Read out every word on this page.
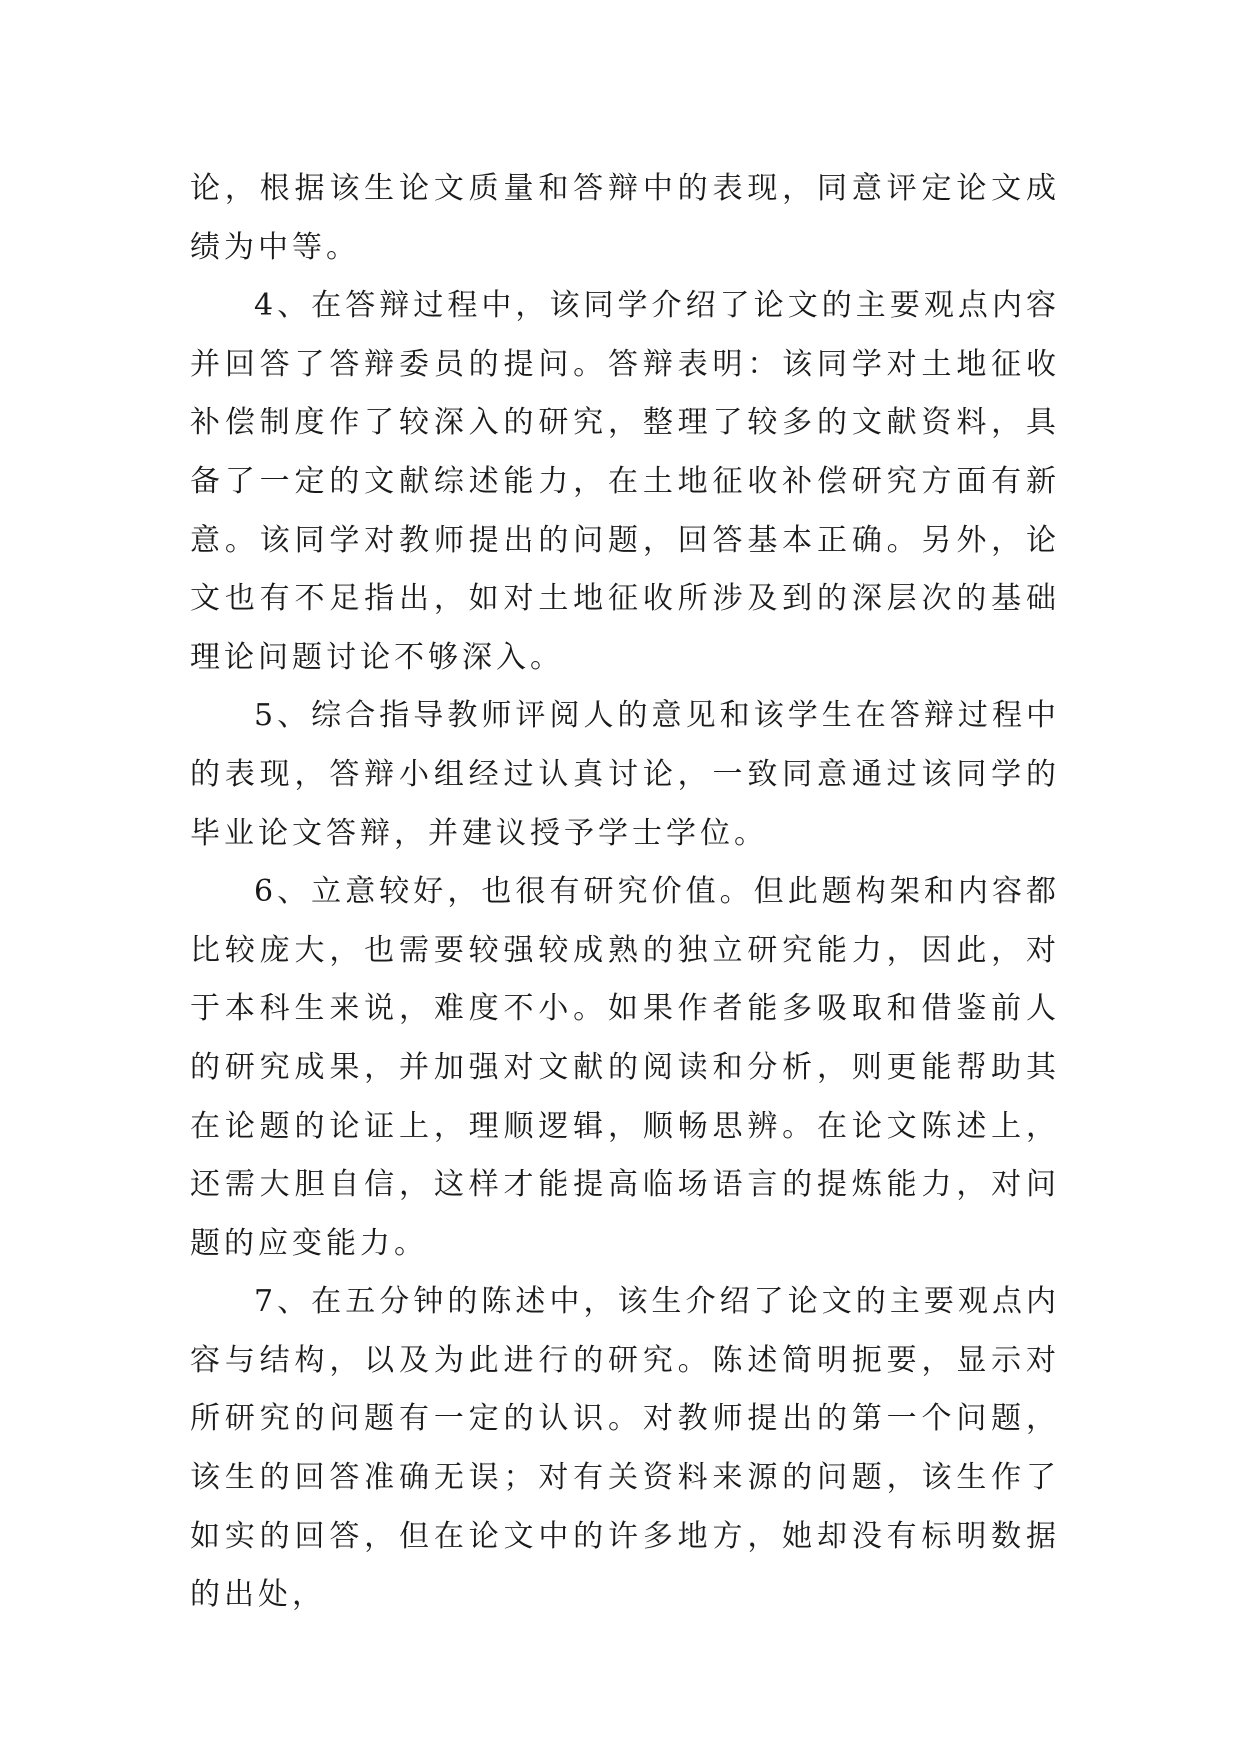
论，根据该生论文质量和答辩中的表现，同意评定论文成绩为中等。

4、在答辩过程中，该同学介绍了论文的主要观点内容并回答了答辩委员的提问。答辩表明：该同学对土地征收补偿制度作了较深入的研究，整理了较多的文献资料，具备了一定的文献综述能力，在土地征收补偿研究方面有新意。该同学对教师提出的问题，回答基本正确。另外，论文也有不足指出，如对土地征收所涉及到的深层次的基础理论问题讨论不够深入。

5、综合指导教师评阅人的意见和该学生在答辩过程中的表现，答辩小组经过认真讨论，一致同意通过该同学的毕业论文答辩，并建议授予学士学位。

6、立意较好，也很有研究价值。但此题构架和内容都比较庞大，也需要较强较成熟的独立研究能力，因此，对于本科生来说，难度不小。如果作者能多吸取和借鉴前人的研究成果，并加强对文献的阅读和分析，则更能帮助其在论题的论证上，理顺逻辑，顺畅思辨。在论文陈述上，还需大胆自信，这样才能提高临场语言的提炼能力，对问题的应变能力。

7、在五分钟的陈述中，该生介绍了论文的主要观点内容与结构，以及为此进行的研究。陈述简明扼要，显示对所研究的问题有一定的认识。对教师提出的第一个问题，该生的回答准确无误；对有关资料来源的问题，该生作了如实的回答，但在论文中的许多地方，她却没有标明数据的出处，
